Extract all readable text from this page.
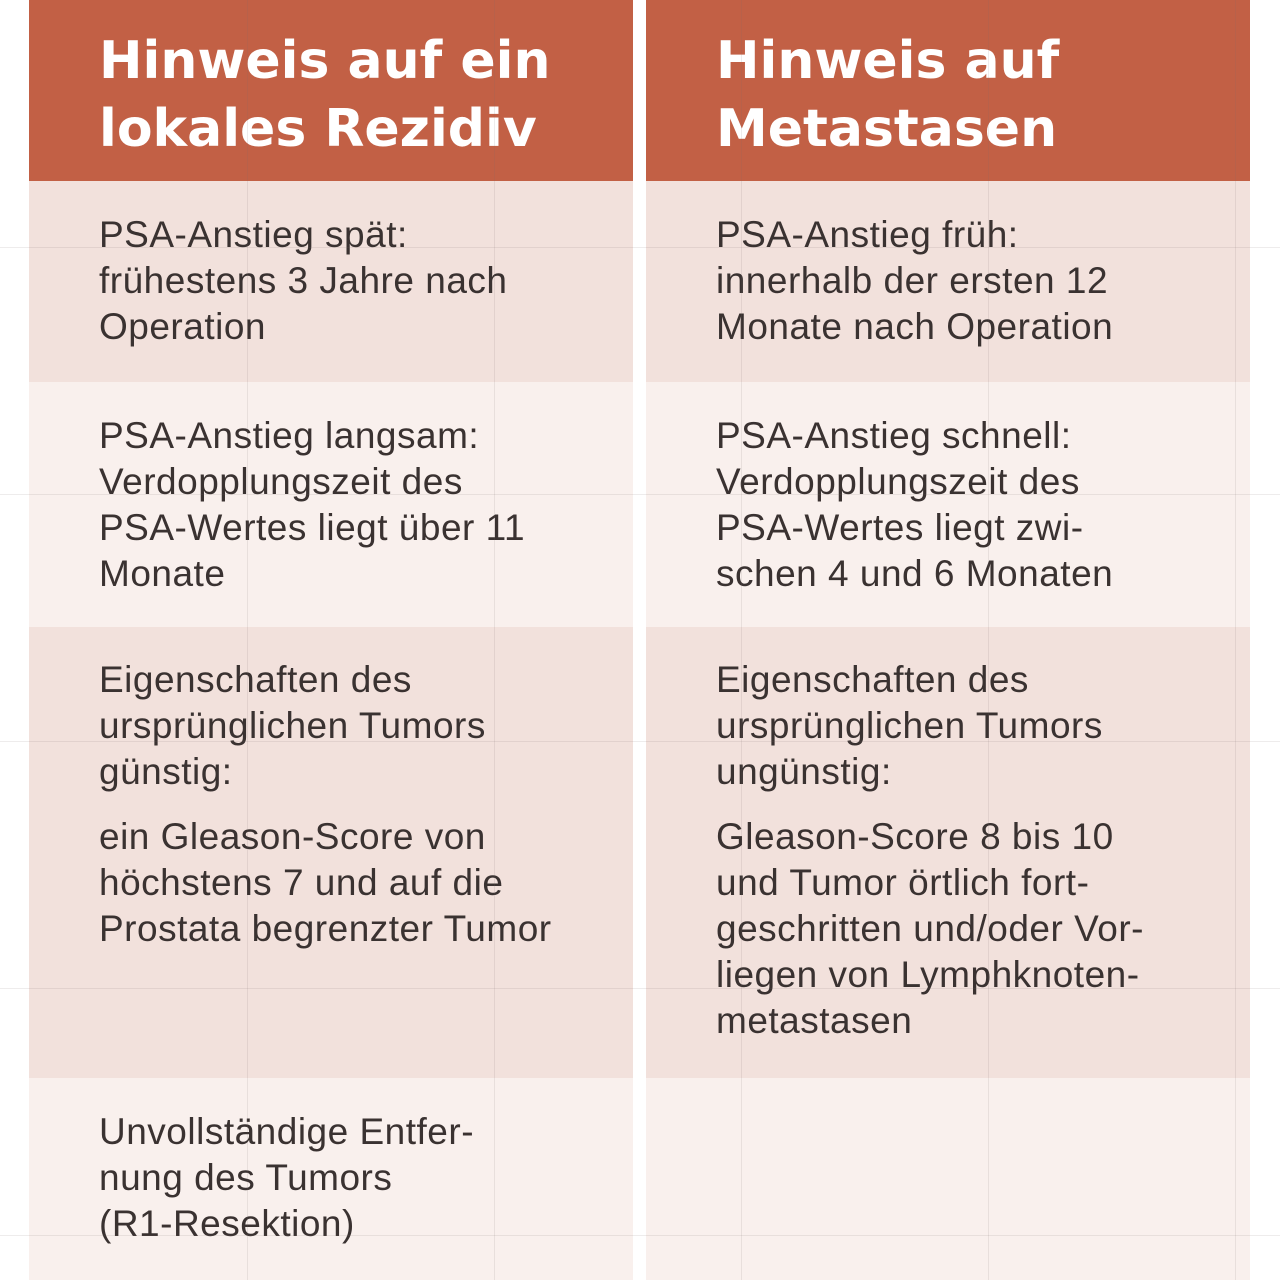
Hinweis auf ein
lokales Rezidiv

PSA-Anstieg spät:
frühestens 3 Jahre nach
Operation

PSA-Anstieg langsam:
Verdopplungszeit des
PSA-Wertes liegt über 11
Monate

Eigenschaften des
ursprünglichen Tumors
günstig:

ein Gleason-Score von
höchstens 7 und auf die
Prostata begrenzter Tumor

Unvollständige Entfer-
nung des Tumors
(R1-Resektion)

Hinweis auf
Metastasen

PSA-Anstieg früh:
innerhalb der ersten 12
Monate nach Operation

PSA-Anstieg schnell:
Verdopplungszeit des
PSA-Wertes liegt zwi-
schen 4 und 6 Monaten

Eigenschaften des
ursprünglichen Tumors
ungünstig:

Gleason-Score 8 bis 10
und Tumor örtlich fort-
geschritten und/oder Vor-
liegen von Lymphknoten-
metastasen
